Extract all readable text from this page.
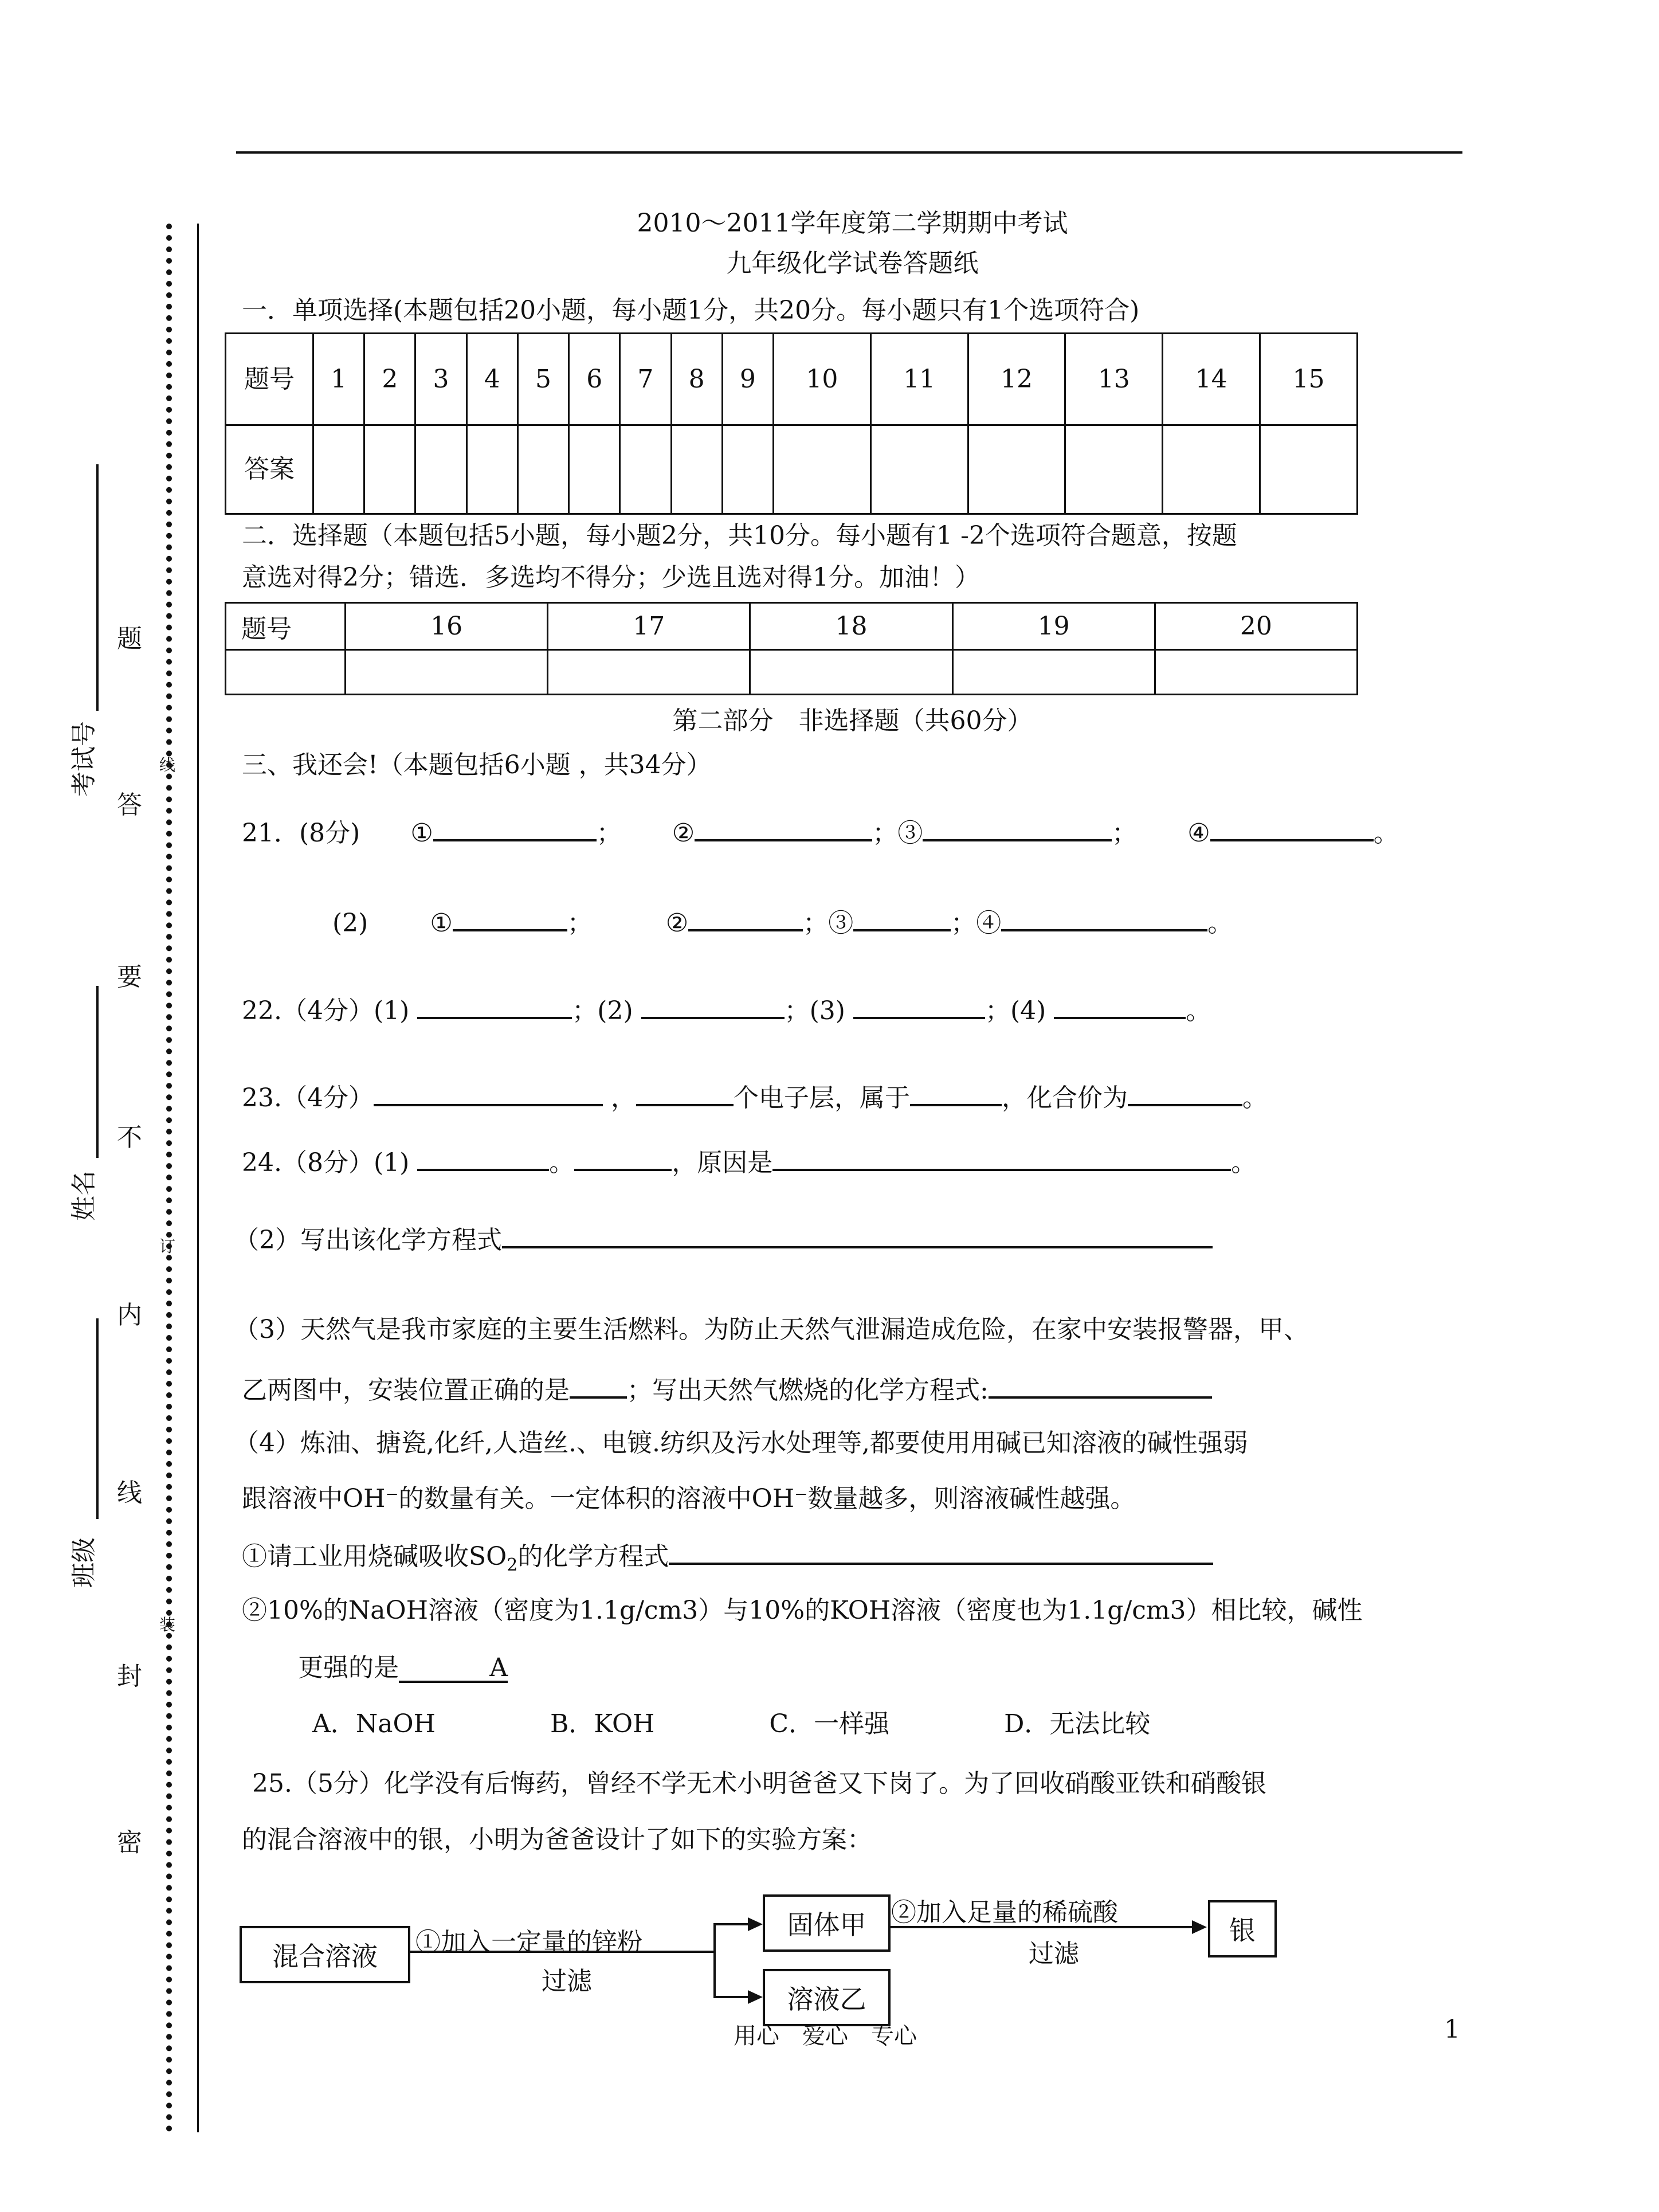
考试号
姓名
班级
密
封
线
内
不
要
答
题
装
订
线
2010～2011学年度第二学期期中考试
九年级化学试卷答题纸
一．单项选择(本题包括20小题，每小题1分，共20分。每小题只有1个选项符合)
题号	1	2	3	4	5	6	7	8	9	10	11	12	13	14	15
答案															
二．选择题（本题包括5小题，每小题2分，共10分。每小题有1 -2个选项符合题意，按题
意选对得2分；错选．多选均不得分；少选且选对得1分。加油！）
题号	16	17	18	19	20

第二部分　非选择题（共60分）
三、我还会!（本题包括6小题 ，共34分）
21．(8分) ①	； ②	；③	； ④	。
(2) ①	；	②	；③	；④	。
22.（4分）(1)	；(2)	；(3)	；(4)	。
23.（4分）	，	个电子层，属于	，化合价为	。
24.（8分）(1)	。	，原因是	。
（2）写出该化学方程式
（3）天然气是我市家庭的主要生活燃料。为防止天然气泄漏造成危险，在家中安装报警器，甲、
乙两图中，安装位置正确的是 ；写出天然气燃烧的化学方程式:
（4）炼油、搪瓷,化纤,人造丝.、电镀.纺织及污水处理等,都要使用用碱已知溶液的碱性强弱
跟溶液中OH⁻的数量有关。一定体积的溶液中OH⁻数量越多，则溶液碱性越强。
①请工业用烧碱吸收$SO_2$的化学方程式
②10%的NaOH溶液（密度为1.1g/cm3）与10%的KOH溶液（密度也为1.1g/cm3）相比较，碱性
更强的是	A
A．NaOH	B．KOH	C．一样强	D．无法比较
25.（5分）化学没有后悔药，曾经不学无术小明爸爸又下岗了。为了回收硝酸亚铁和硝酸银
的混合溶液中的银，小明为爸爸设计了如下的实验方案：
混合溶液	①加入一定量的锌粉
过滤
固体甲
溶液乙
②加入足量的稀硫酸
过滤
银
用心　爱心　专心	1
